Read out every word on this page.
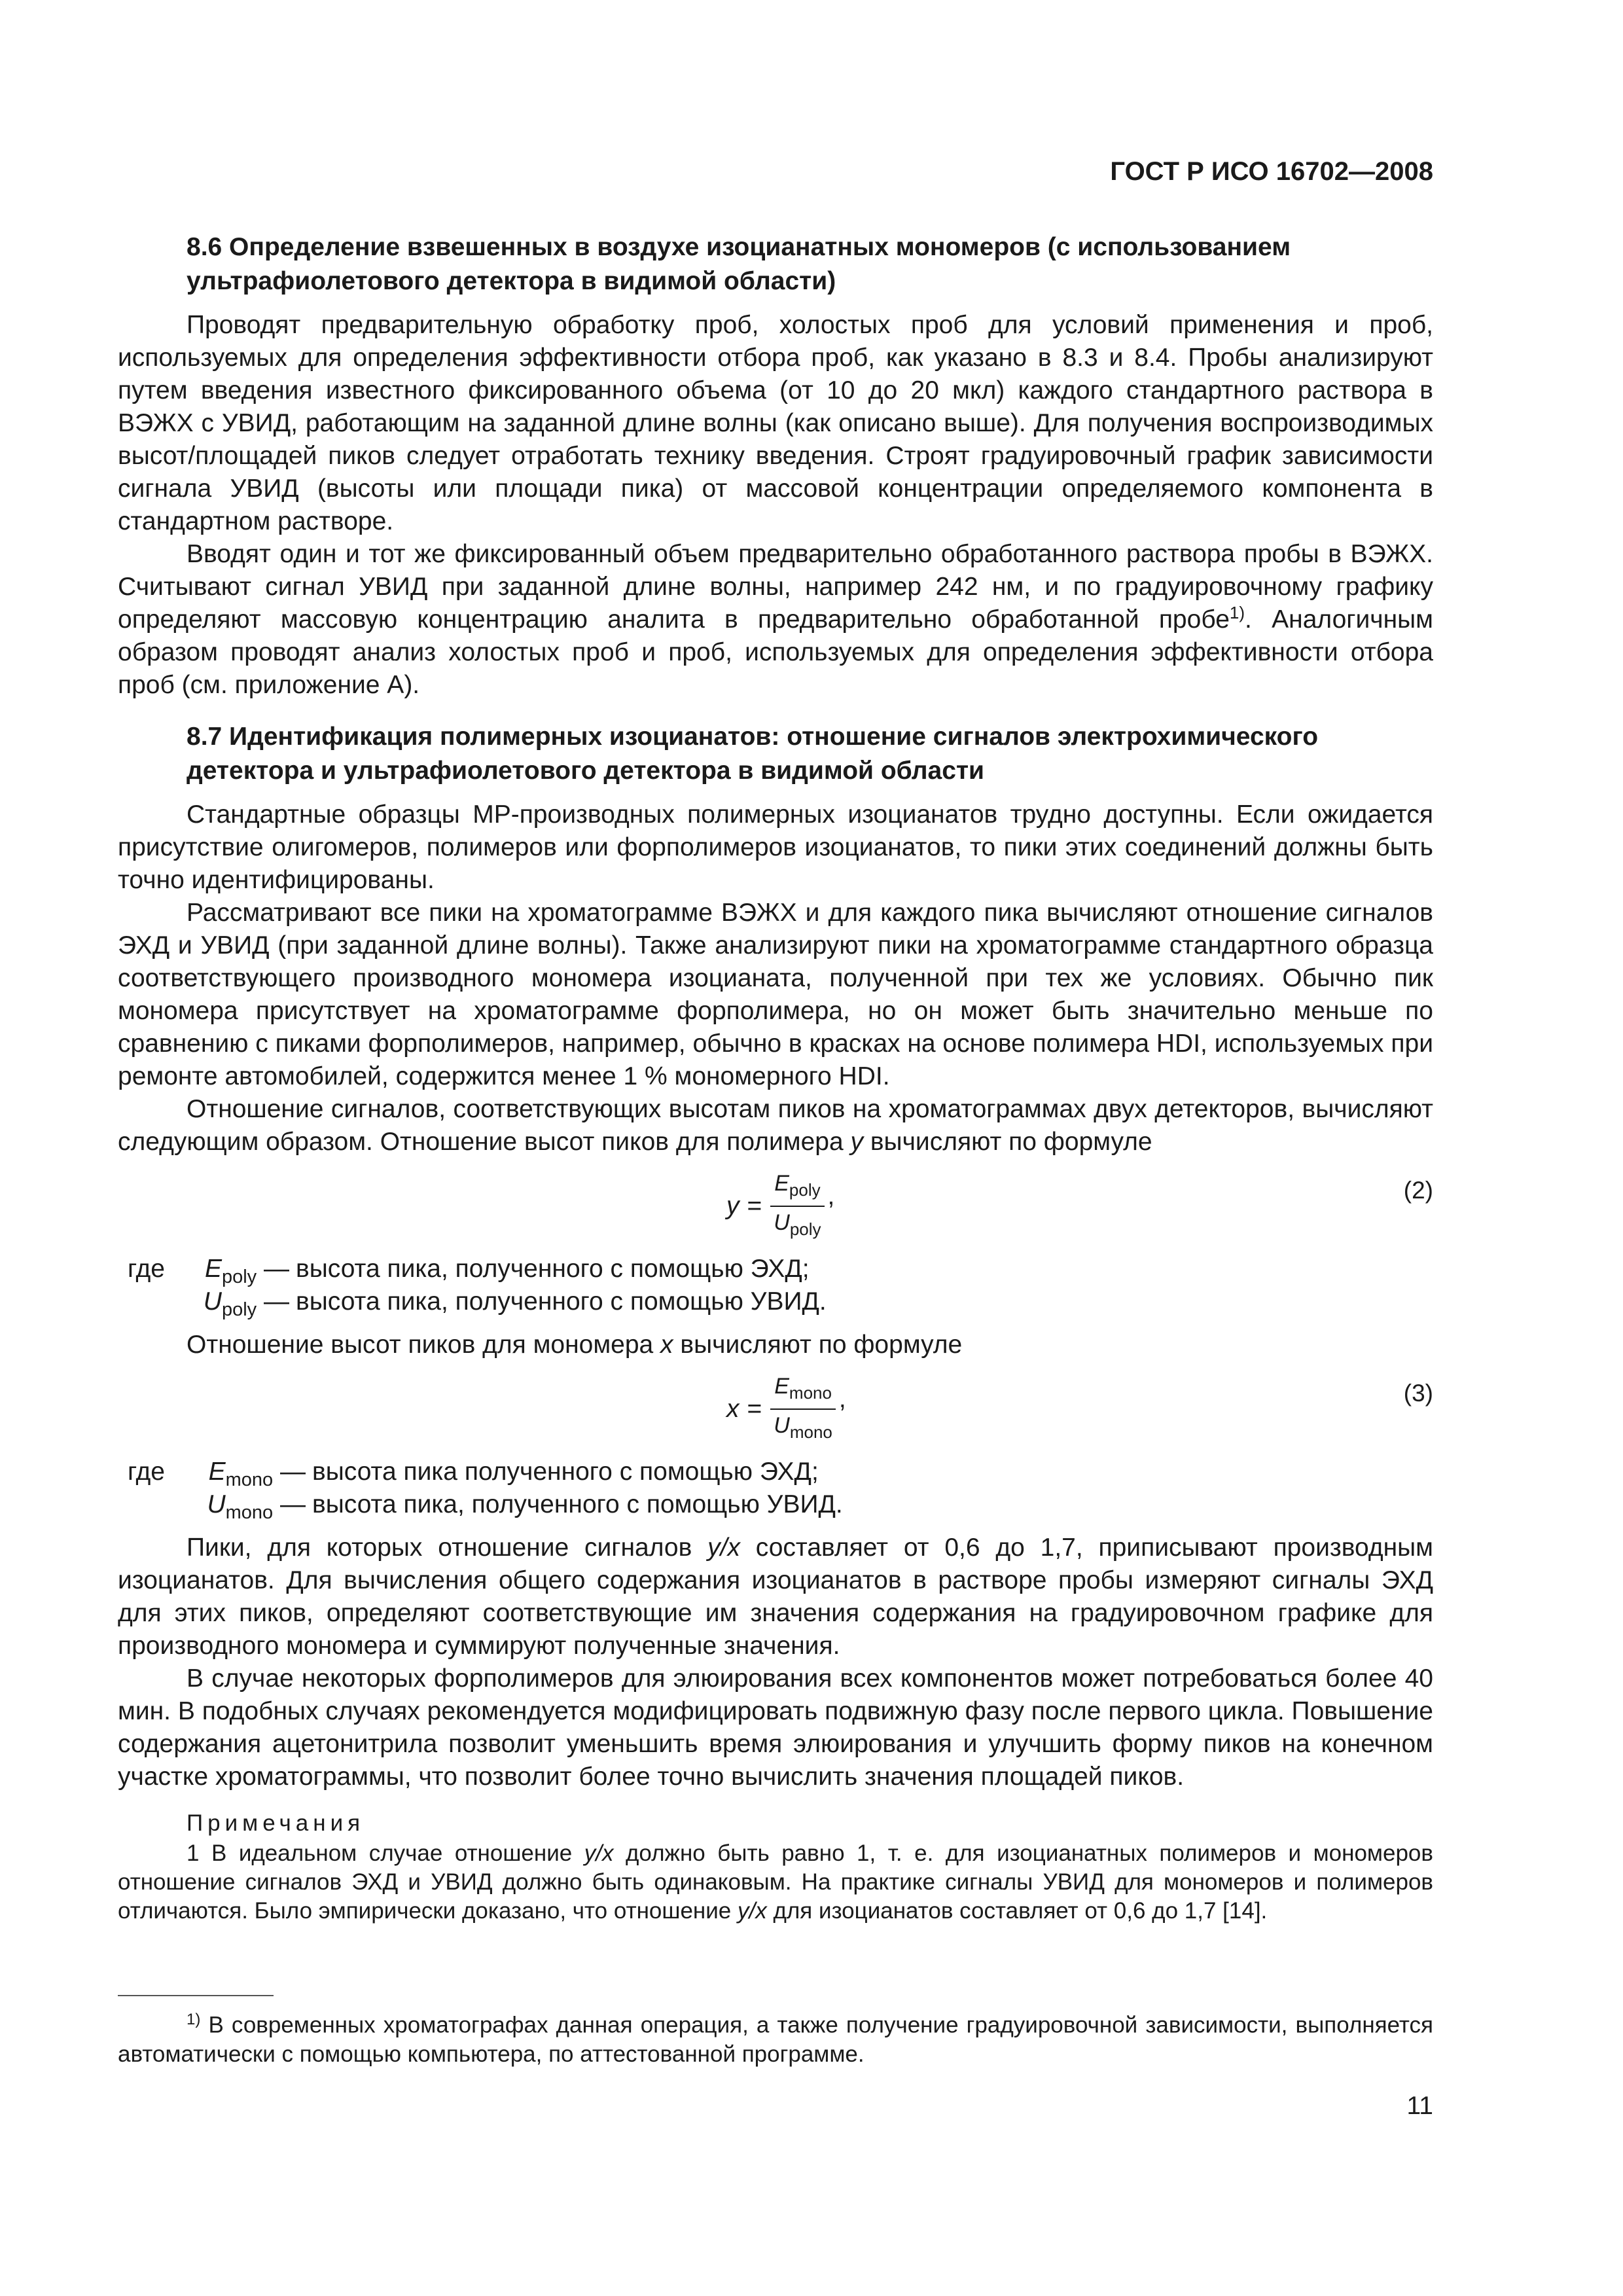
ГОСТ Р ИСО 16702—2008

8.6 Определение взвешенных в воздухе изоцианатных мономеров (с использованием ультрафиолетового детектора в видимой области)

Проводят предварительную обработку проб, холостых проб для условий применения и проб, используемых для определения эффективности отбора проб, как указано в 8.3 и 8.4. Пробы анализируют путем введения известного фиксированного объема (от 10 до 20 мкл) каждого стандартного раствора в ВЭЖХ с УВИД, работающим на заданной длине волны (как описано выше). Для получения воспроизводимых высот/площадей пиков следует отработать технику введения. Строят градуировочный график зависимости сигнала УВИД (высоты или площади пика) от массовой концентрации определяемого компонента в стандартном растворе.

Вводят один и тот же фиксированный объем предварительно обработанного раствора пробы в ВЭЖХ. Считывают сигнал УВИД при заданной длине волны, например 242 нм, и по градуировочному графику определяют массовую концентрацию аналита в предварительно обработанной пробе$^{1)}$. Аналогичным образом проводят анализ холостых проб и проб, используемых для определения эффективности отбора проб (см. приложение А).

8.7 Идентификация полимерных изоцианатов: отношение сигналов электрохимического детектора и ультрафиолетового детектора в видимой области

Стандартные образцы МР-производных полимерных изоцианатов трудно доступны. Если ожидается присутствие олигомеров, полимеров или форполимеров изоцианатов, то пики этих соединений должны быть точно идентифицированы.

Рассматривают все пики на хроматограмме ВЭЖХ и для каждого пика вычисляют отношение сигналов ЭХД и УВИД (при заданной длине волны). Также анализируют пики на хроматограмме стандартного образца соответствующего производного мономера изоцианата, полученной при тех же условиях. Обычно пик мономера присутствует на хроматограмме форполимера, но он может быть значительно меньше по сравнению с пиками форполимеров, например, обычно в красках на основе полимера HDI, используемых при ремонте автомобилей, содержится менее 1 % мономерного HDI.

Отношение сигналов, соответствующих высотам пиков на хроматограммах двух детекторов, вычисляют следующим образом. Отношение высот пиков для полимера y вычисляют по формуле

$y = \frac{E_{poly}}{U_{poly}}$ ,	(2)
где	$E_{poly}$ — высота пика, полученного с помощью ЭХД;
$U_{poly}$ — высота пика, полученного с помощью УВИД.

Отношение высот пиков для мономера x вычисляют по формуле

$x = \frac{E_{mono}}{U_{mono}}$ ,	(3)
где	$E_{mono}$ — высота пика полученного с помощью ЭХД;
$U_{mono}$ — высота пика, полученного с помощью УВИД.

Пики, для которых отношение сигналов y/x составляет от 0,6 до 1,7, приписывают производным изоцианатов. Для вычисления общего содержания изоцианатов в растворе пробы измеряют сигналы ЭХД для этих пиков, определяют соответствующие им значения содержания на градуировочном графике для производного мономера и суммируют полученные значения.

В случае некоторых форполимеров для элюирования всех компонентов может потребоваться более 40 мин. В подобных случаях рекомендуется модифицировать подвижную фазу после первого цикла. Повышение содержания ацетонитрила позволит уменьшить время элюирования и улучшить форму пиков на конечном участке хроматограммы, что позволит более точно вычислить значения площадей пиков.

Примечания

1 В идеальном случае отношение y/x должно быть равно 1, т. е. для изоцианатных полимеров и мономеров отношение сигналов ЭХД и УВИД должно быть одинаковым. На практике сигналы УВИД для мономеров и полимеров отличаются. Было эмпирически доказано, что отношение y/x для изоцианатов составляет от 0,6 до 1,7 [14].

$^{1)}$ В современных хроматографах данная операция, а также получение градуировочной зависимости, выполняется автоматически с помощью компьютера, по аттестованной программе.

11
